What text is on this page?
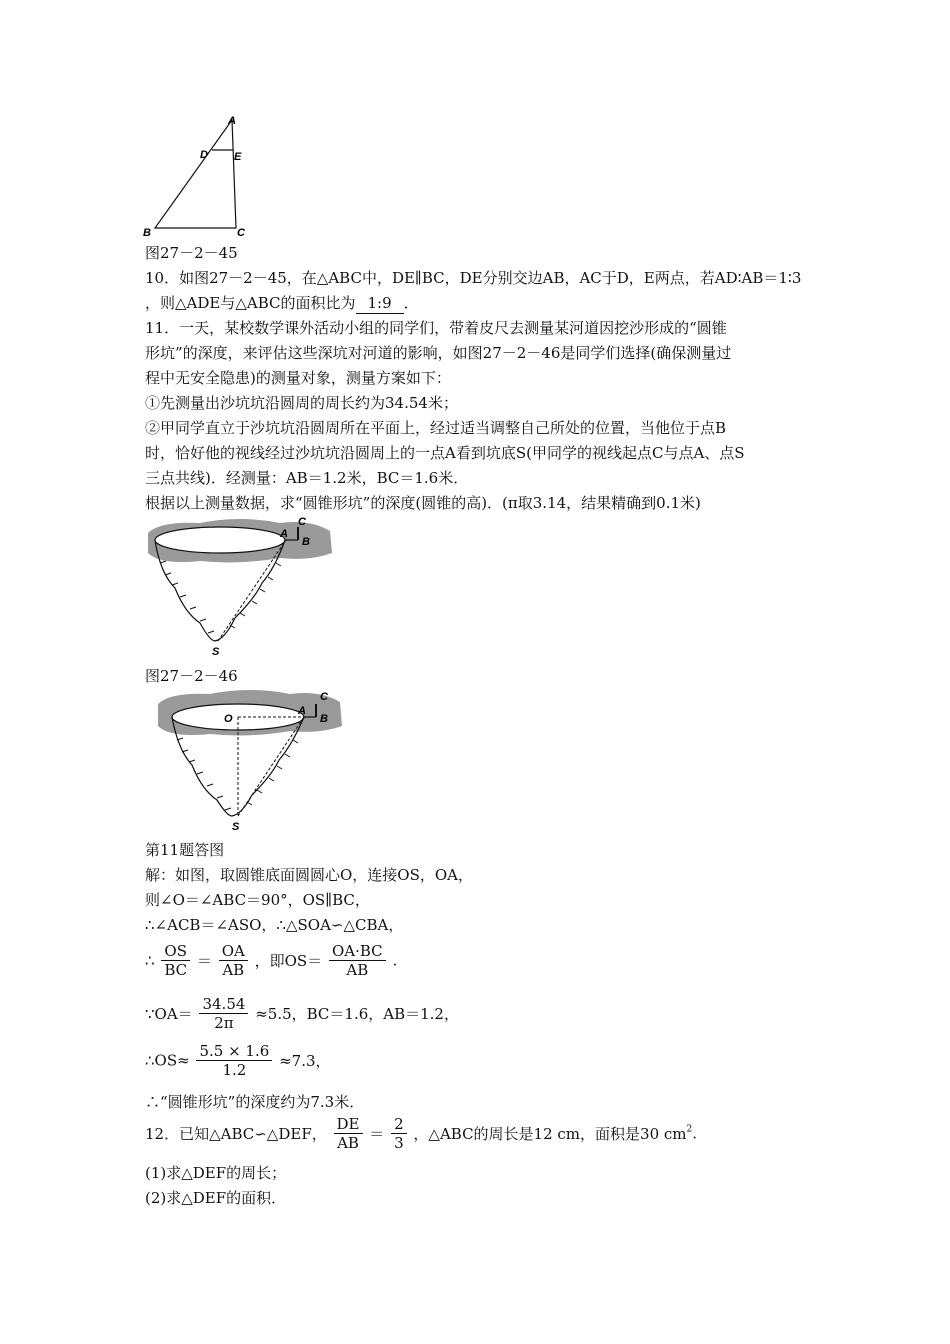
A
D E
B	C
图27－2－45
10．如图27－2－45，在△ABC中，DE∥BC，DE分别交边AB，AC于D，E两点，若AD∶AB＝1∶3
，则△ADE与△ABC的面积比为 1:9 ．
11．一天，某校数学课外活动小组的同学们，带着皮尺去测量某河道因挖沙形成的“圆锥
形坑”的深度，来评估这些深坑对河道的影响，如图27－2－46是同学们选择(确保测量过
程中无安全隐患)的测量对象，测量方案如下：
①先测量出沙坑坑沿圆周的周长约为34.54米；
②甲同学直立于沙坑坑沿圆周所在平面上，经过适当调整自己所处的位置，当他位于点B
时，恰好他的视线经过沙坑坑沿圆周上的一点A看到坑底S(甲同学的视线起点C与点A、点S
三点共线)．经测量：AB＝1.2米，BC＝1.6米．
根据以上测量数据，求“圆锥形坑”的深度(圆锥的高)．(π取3.14，结果精确到0.1米)
C
A
B
S
图27－2－46
C
O
A
B
S
第11题答图
解：如图，取圆锥底面圆圆心O，连接OS，OA，
则∠O＝∠ABC＝90°，OS∥BC，
∴∠ACB＝∠ASO，∴△SOA∽△CBA，
∴ $\frac{OS}{BC} = \frac{OA}{AB}$ ，即$OS= \frac{OA\cdot BC}{AB}$ .
∵OA＝ $\frac{34.54}{2\pi} \approx 5.5$，BC＝1.6，AB＝1.2，
∴OS≈ $\frac{5.5 \times 1.6}{1.2} \approx 7.3$，
∴“圆锥形坑”的深度约为7.3米．
12．已知△ABC∽△DEF， $\frac{DE}{AB} = \frac{2}{3}$ ，△ABC的周长是12 cm，面积是30 $cm^2$.
(1)求△DEF的周长；
(2)求△DEF的面积．
